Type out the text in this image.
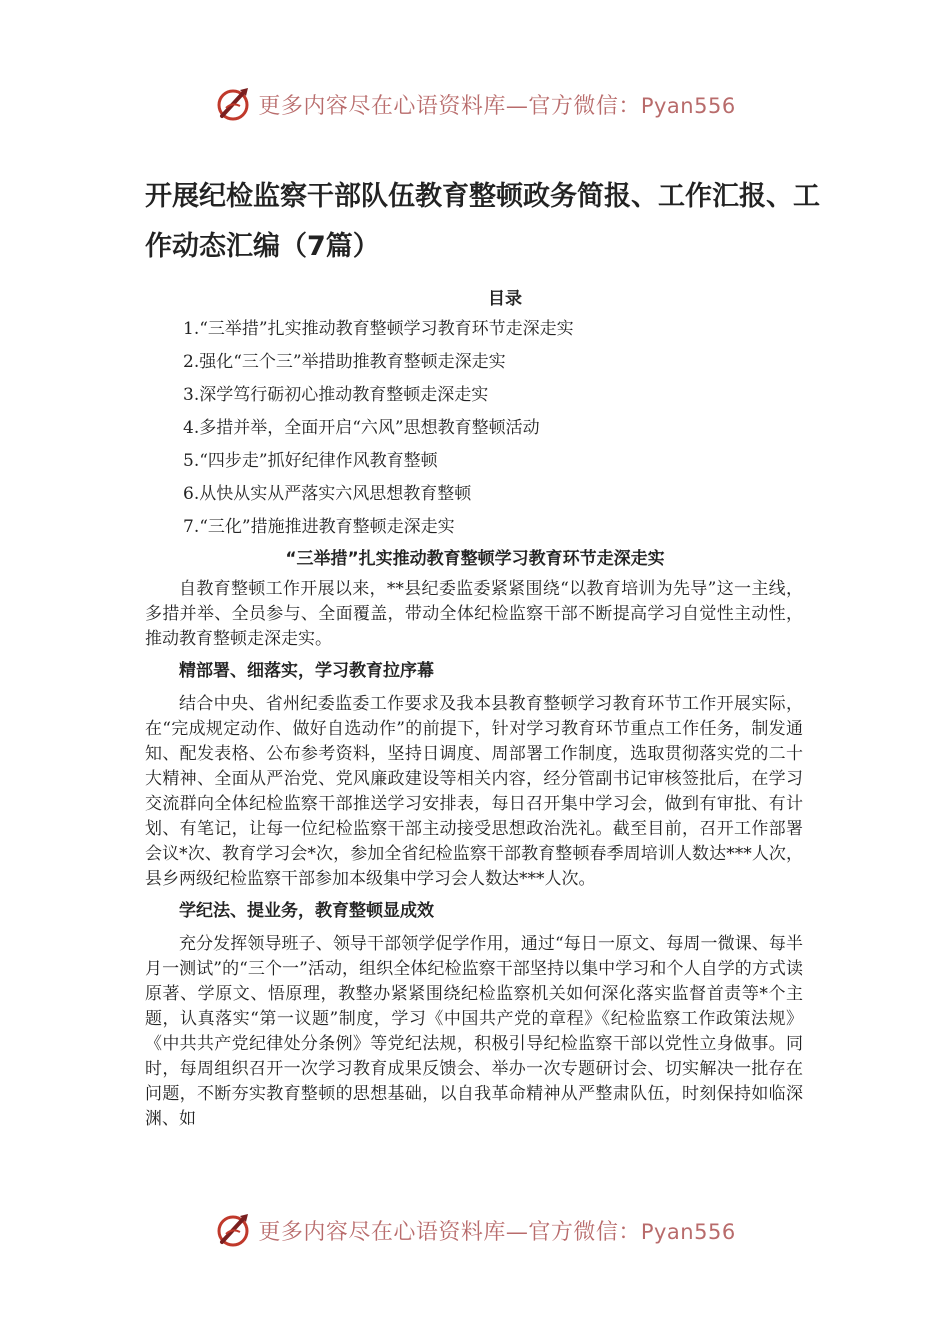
更多内容尽在心语资料库—官方微信：Pyan556
开展纪检监察干部队伍教育整顿政务简报、工作汇报、工作动态汇编（7篇）
目录
1.“三举措”扎实推动教育整顿学习教育环节走深走实
2.强化“三个三”举措助推教育整顿走深走实
3.深学笃行砺初心推动教育整顿走深走实
4.多措并举，全面开启“六风”思想教育整顿活动
5.“四步走”抓好纪律作风教育整顿
6.从快从实从严落实六风思想教育整顿
7.“三化”措施推进教育整顿走深走实
“三举措”扎实推动教育整顿学习教育环节走深走实

自教育整顿工作开展以来，**县纪委监委紧紧围绕“以教育培训为先导”这一主线，多措并举、全员参与、全面覆盖，带动全体纪检监察干部不断提高学习自觉性主动性，推动教育整顿走深走实。

精部署、细落实，学习教育拉序幕

结合中央、省州纪委监委工作要求及我本县教育整顿学习教育环节工作开展实际，在“完成规定动作、做好自选动作”的前提下，针对学习教育环节重点工作任务，制发通知、配发表格、公布参考资料，坚持日调度、周部署工作制度，选取贯彻落实党的二十大精神、全面从严治党、党风廉政建设等相关内容，经分管副书记审核签批后，在学习交流群向全体纪检监察干部推送学习安排表，每日召开集中学习会，做到有审批、有计划、有笔记，让每一位纪检监察干部主动接受思想政治洗礼。截至目前，召开工作部署会议*次、教育学习会*次，参加全省纪检监察干部教育整顿春季周培训人数达***人次，县乡两级纪检监察干部参加本级集中学习会人数达***人次。

学纪法、提业务，教育整顿显成效

充分发挥领导班子、领导干部领学促学作用，通过“每日一原文、每周一微课、每半月一测试”的“三个一”活动，组织全体纪检监察干部坚持以集中学习和个人自学的方式读原著、学原文、悟原理，教整办紧紧围绕纪检监察机关如何深化落实监督首责等*个主题，认真落实“第一议题”制度，学习《中国共产党的章程》《纪检监察工作政策法规》《中共共产党纪律处分条例》等党纪法规，积极引导纪检监察干部以党性立身做事。同时，每周组织召开一次学习教育成果反馈会、举办一次专题研讨会、切实解决一批存在问题，不断夯实教育整顿的思想基础，以自我革命精神从严整肃队伍，时刻保持如临深渊、如

更多内容尽在心语资料库—官方微信：Pyan556
